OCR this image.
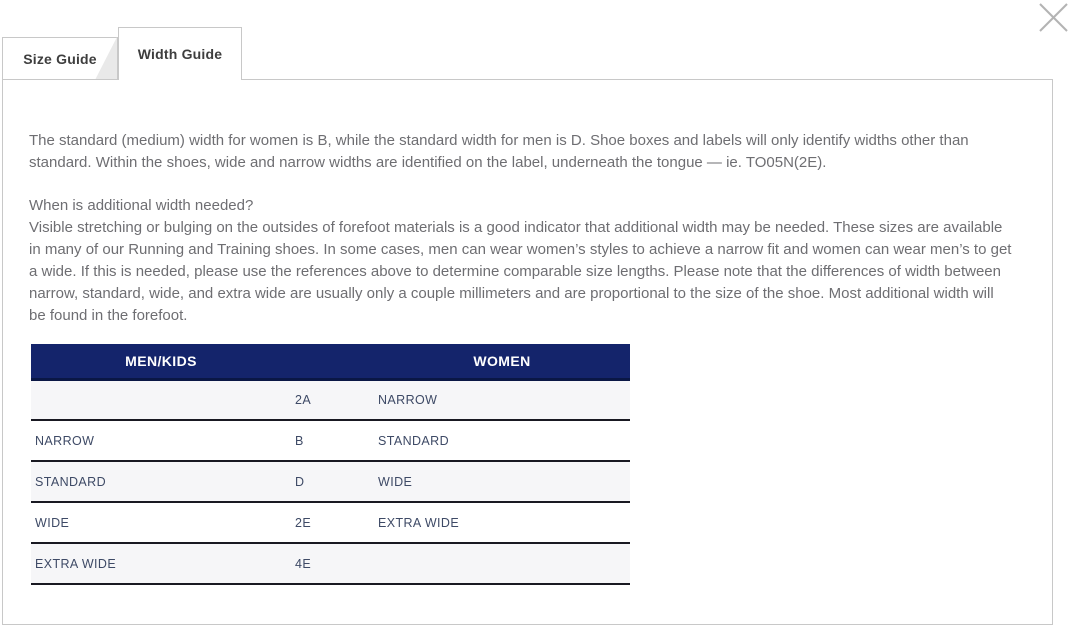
Size Guide	Width Guide

The standard (medium) width for women is B, while the standard width for men is D. Shoe boxes and labels will only identify widths other than standard. Within the shoes, wide and narrow widths are identified on the label, underneath the tongue — ie. TO05N(2E).

When is additional width needed?
Visible stretching or bulging on the outsides of forefoot materials is a good indicator that additional width may be needed. These sizes are available in many of our Running and Training shoes. In some cases, men can wear women’s styles to achieve a narrow fit and women can wear men’s to get a wide. If this is needed, please use the references above to determine comparable size lengths. Please note that the differences of width between narrow, standard, wide, and extra wide are usually only a couple millimeters and are proportional to the size of the shoe. Most additional width will be found in the forefoot.
MEN/KIDS		WOMEN
	2A	NARROW
NARROW	B	STANDARD
STANDARD	D	WIDE
WIDE	2E	EXTRA WIDE
EXTRA WIDE	4E	
